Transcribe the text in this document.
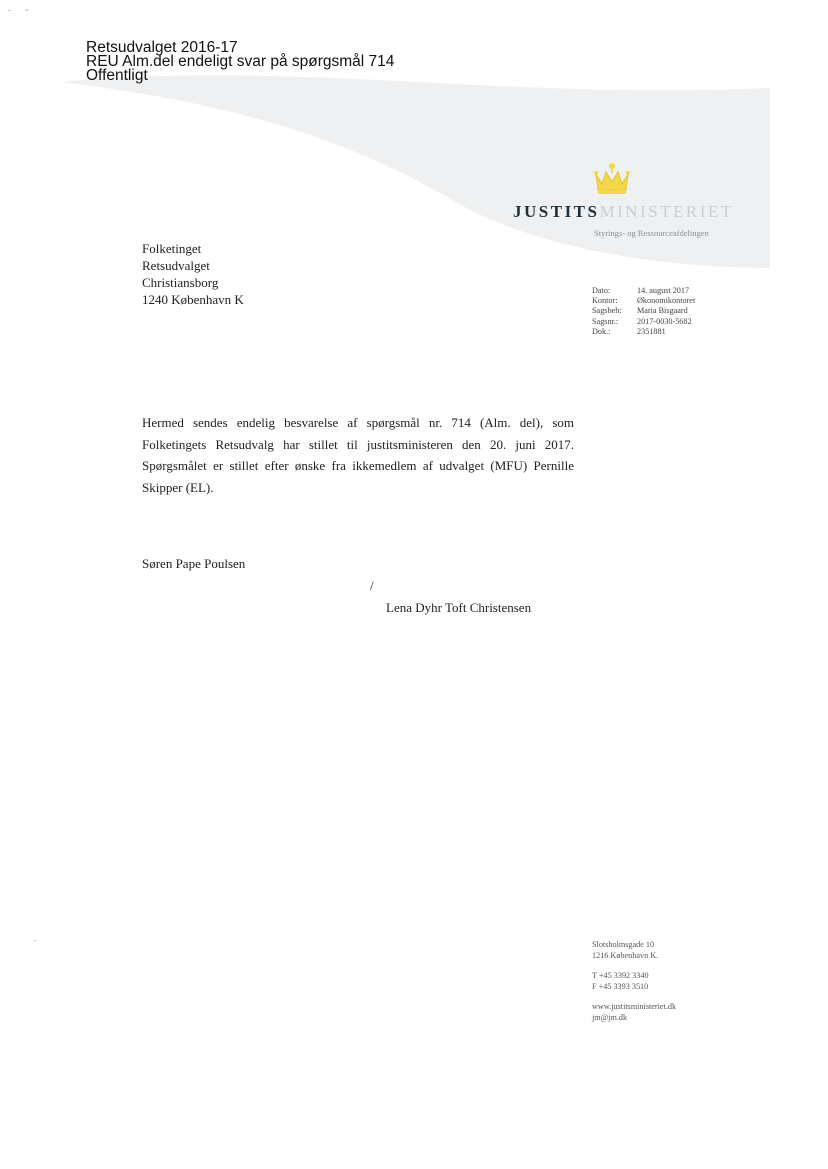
¨ ˜
Retsudvalget 2016-17
REU Alm.del endeligt svar på spørgsmål 714
Offentligt
JUSTITSMINISTERIET
Styrings- og Ressourceafdelingen
Folketinget
Retsudvalget
Christiansborg
1240 København K
Dato:	14. august 2017
Kontor:	Økonomikontoret
Sagsbeh:	Maria Bisgaard
Sagsnr.:	2017-0030-5682
Dok.:	2351881

Hermed sendes endelig besvarelse af spørgsmål nr. 714 (Alm. del), som Folketingets Retsudvalg har stillet til justitsministeren den 20. juni 2017. Spørgsmålet er stillet efter ønske fra ikkemedlem af udvalget (MFU) Pernille Skipper (EL).

Søren Pape Poulsen
/
Lena Dyhr Toft Christensen
Slotsholmsgade 10
1216 København K.
T +45 3392 3340
F +45 3393 3510
www.justitsministeriet.dk
jm@jm.dk
